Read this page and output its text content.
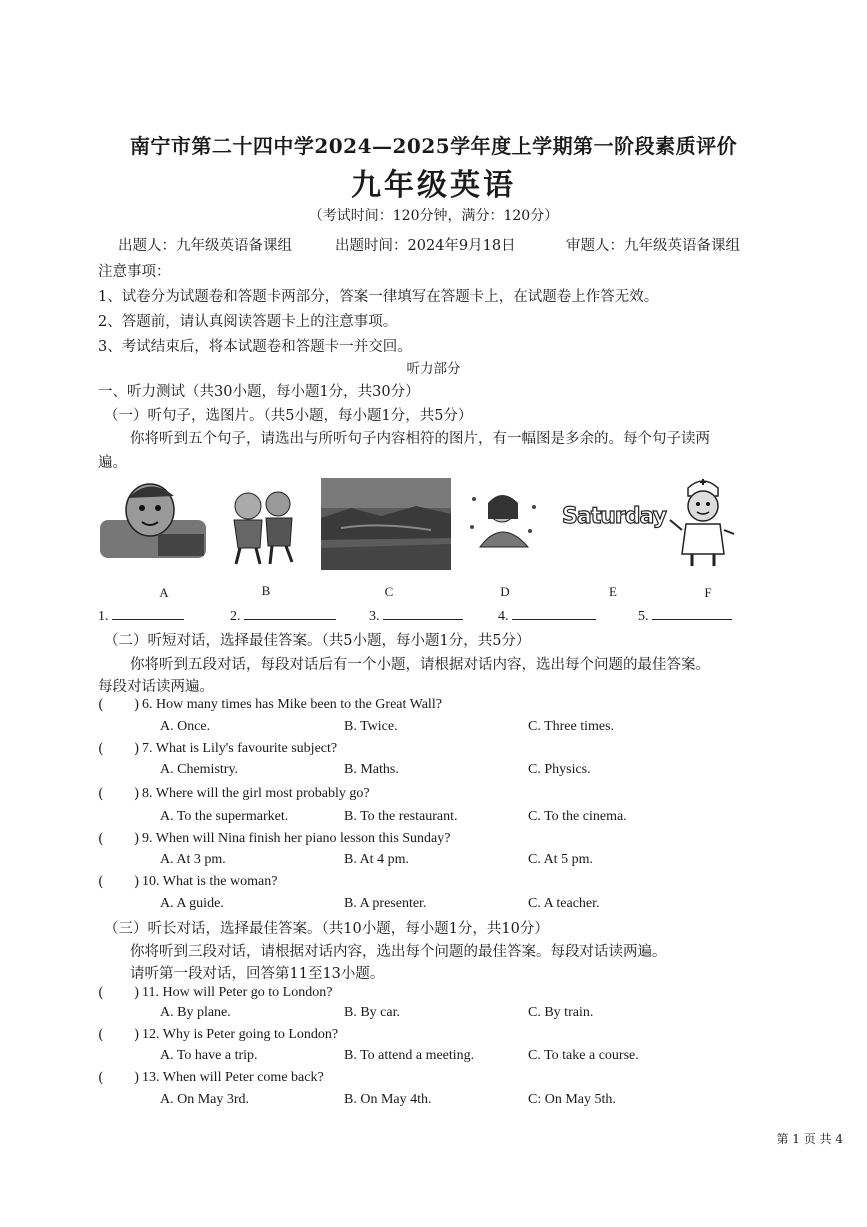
南宁市第二十四中学2024—2025学年度上学期第一阶段素质评价
九年级英语
（考试时间：120分钟，满分：120分）
出题人：九年级英语备课组	出题时间：2024年9月18日	审题人：九年级英语备课组
注意事项：
1、试卷分为试题卷和答题卡两部分，答案一律填写在答题卡上，在试题卷上作答无效。
2、答题前，请认真阅读答题卡上的注意事项。
3、考试结束后，将本试题卷和答题卡一并交回。
听力部分
一、听力测试（共30小题，每小题1分，共30分）
（一）听句子，选图片。（共5小题，每小题1分，共5分）
你将听到五个句子，请选出与所听句子内容相符的图片，有一幅图是多余的。每个句子读两
遍。
Saturday
A	B	C	D	E	F
1.	2.	3.	4.	5.
（二）听短对话，选择最佳答案。（共5小题，每小题1分，共5分）
你将听到五段对话，每段对话后有一个小题，请根据对话内容，选出每个问题的最佳答案。
每段对话读两遍。
( ) 6. How many times has Mike been to the Great Wall?
A. Once.	B. Twice.	C. Three times.
( ) 7. What is Lily's favourite subject?
A. Chemistry.	B. Maths.	C. Physics.
( ) 8. Where will the girl most probably go?
A. To the supermarket.	B. To the restaurant.	C. To the cinema.
( ) 9. When will Nina finish her piano lesson this Sunday?
A. At 3 pm.	B. At 4 pm.	C. At 5 pm.
( ) 10. What is the woman?
A. A guide.	B. A presenter.	C. A teacher.
（三）听长对话，选择最佳答案。（共10小题，每小题1分，共10分）
你将听到三段对话，请根据对话内容，选出每个问题的最佳答案。每段对话读两遍。
请听第一段对话，回答第11至13小题。
( ) 11. How will Peter go to London?
A. By plane.	B. By car.	C. By train.
( ) 12. Why is Peter going to London?
A. To have a trip.	B. To attend a meeting.	C. To take a course.
( ) 13. When will Peter come back?
A. On May 3rd.	B. On May 4th.	C: On May 5th.
第 1 页 共 4
